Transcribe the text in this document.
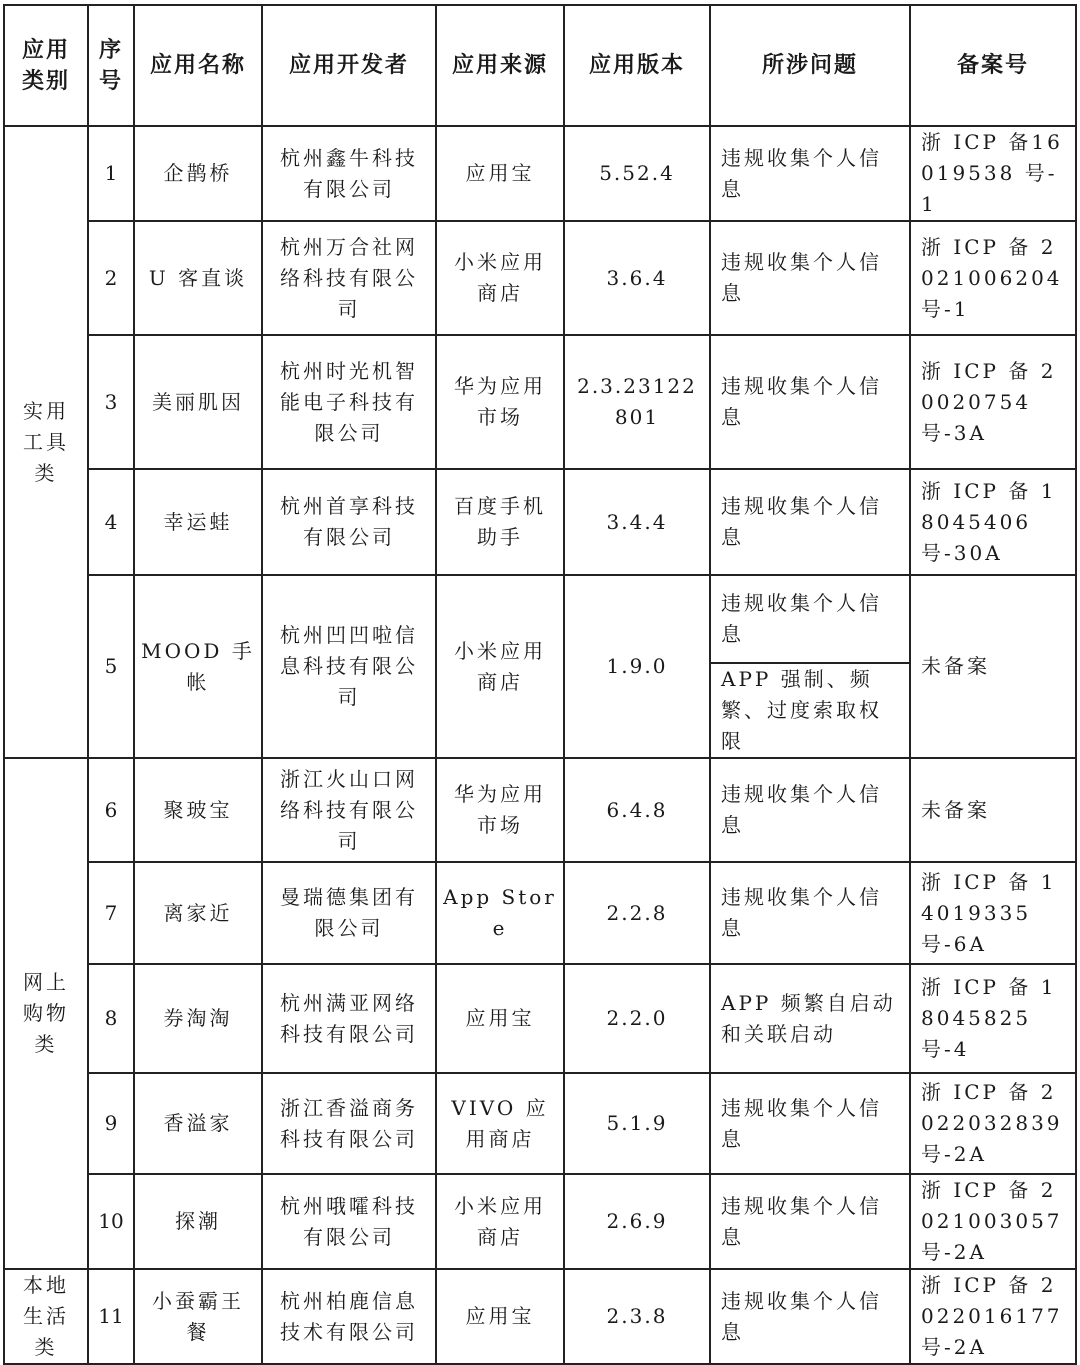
应用类别	序号	应用名称	应用开发者	应用来源	应用版本	所涉问题	备案号
实用工具类	1	企鹊桥	杭州鑫牛科技有限公司	应用宝	5.52.4	违规收集个人信息	浙 ICP 备16019538 号-1
	2	U 客直谈	杭州万合社网络科技有限公司	小米应用商店	3.6.4	违规收集个人信息	浙 ICP 备 2021006204 号-1
	3	美丽肌因	杭州时光机智能电子科技有限公司	华为应用市场	2.3.23122801	违规收集个人信息	浙 ICP 备 20020754 号-3A
	4	幸运蛙	杭州首享科技有限公司	百度手机助手	3.4.4	违规收集个人信息	浙 ICP 备 18045406 号-30A
	5	MOOD 手帐	杭州凹凹啦信息科技有限公司	小米应用商店	1.9.0	违规收集个人信息	未备案
						APP 强制、频繁、过度索取权限	
网上购物类	6	聚玻宝	浙江火山口网络科技有限公司	华为应用市场	6.4.8	违规收集个人信息	未备案
	7	离家近	曼瑞德集团有限公司	App Store	2.2.8	违规收集个人信息	浙 ICP 备 14019335 号-6A
	8	券淘淘	杭州满亚网络科技有限公司	应用宝	2.2.0	APP 频繁自启动和关联启动	浙 ICP 备 18045825 号-4
	9	香溢家	浙江香溢商务科技有限公司	VIVO 应用商店	5.1.9	违规收集个人信息	浙 ICP 备 2022032839 号-2A
	10	探潮	杭州哦嚯科技有限公司	小米应用商店	2.6.9	违规收集个人信息	浙 ICP 备 2021003057 号-2A
本地生活类	11	小蚕霸王餐	杭州柏鹿信息技术有限公司	应用宝	2.3.8	违规收集个人信息	浙 ICP 备 2022016177 号-2A
